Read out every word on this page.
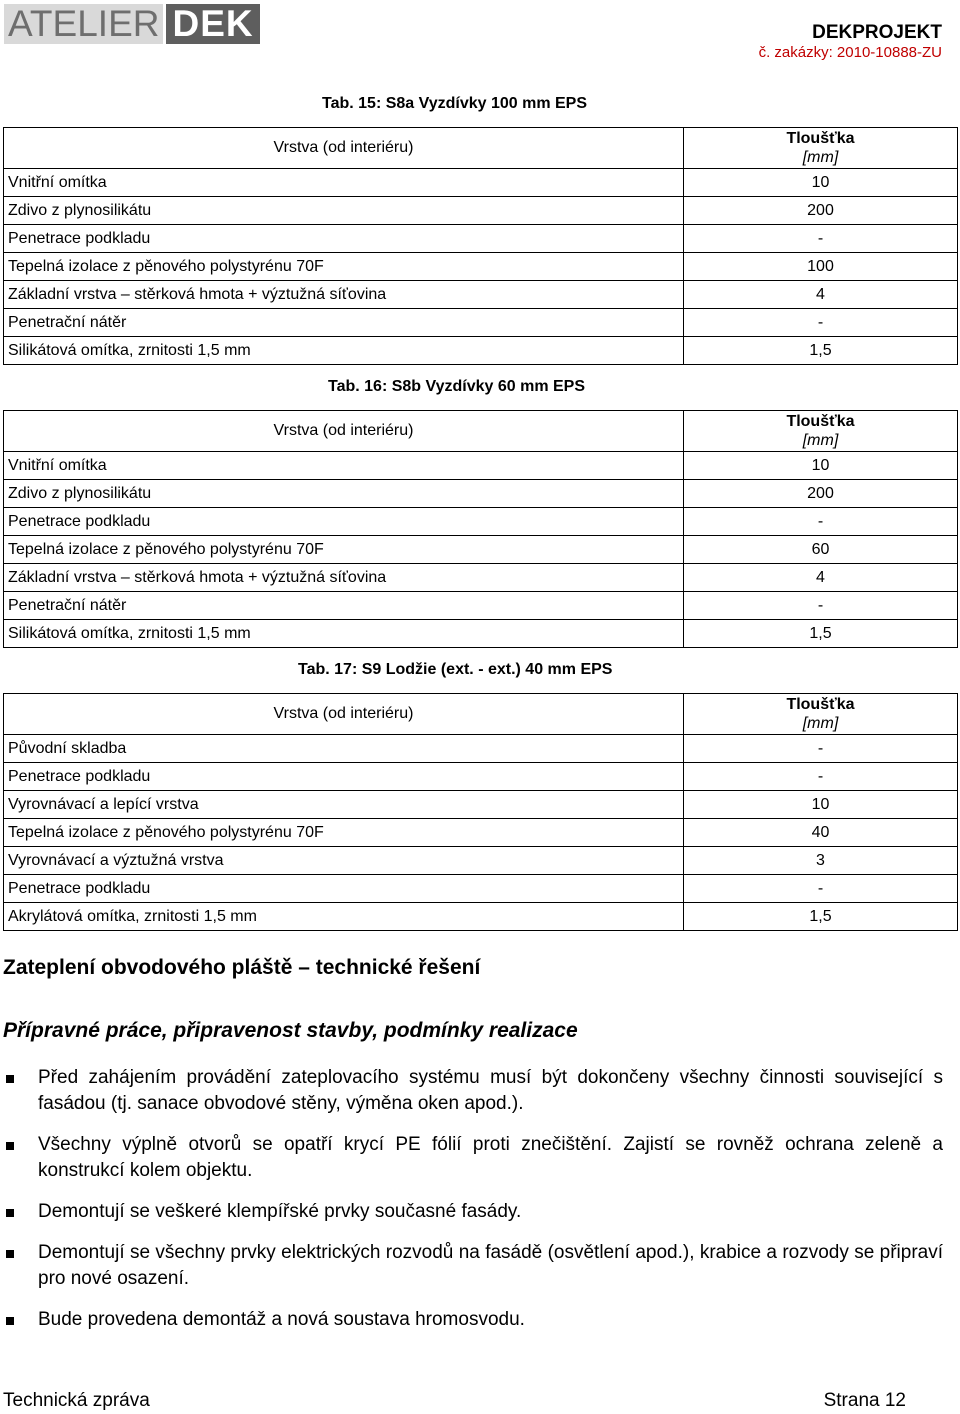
ATELIER DEK	DEKPROJEKT
č. zakázky: 2010-10888-ZU
Tab. 15: S8a Vyzdívky 100 mm EPS
Vrstva (od interiéru)	Tloušťka
[mm]

Vnitřní omítka	10
Zdivo z plynosilikátu	200
Penetrace podkladu	-
Tepelná izolace z pěnového polystyrénu 70F	100
Základní vrstva – stěrková hmota + výztužná síťovina	4
Penetrační nátěr	-
Silikátová omítka, zrnitosti 1,5 mm	1,5
Tab. 16: S8b Vyzdívky 60 mm EPS
Vrstva (od interiéru)	Tloušťka
[mm]

Vnitřní omítka	10
Zdivo z plynosilikátu	200
Penetrace podkladu	-
Tepelná izolace z pěnového polystyrénu 70F	60
Základní vrstva – stěrková hmota + výztužná síťovina	4
Penetrační nátěr	-
Silikátová omítka, zrnitosti 1,5 mm	1,5
Tab. 17: S9 Lodžie (ext. - ext.) 40 mm EPS
Vrstva (od interiéru)	Tloušťka
[mm]

Původní skladba	-
Penetrace podkladu	-
Vyrovnávací a lepící vrstva	10
Tepelná izolace z pěnového polystyrénu 70F	40
Vyrovnávací a výztužná vrstva	3
Penetrace podkladu	-
Akrylátová omítka, zrnitosti 1,5 mm	1,5
Zateplení obvodového pláště – technické řešení
Přípravné práce, připravenost stavby, podmínky realizace
Před zahájením provádění zateplovacího systému musí být dokončeny všechny činnosti související s fasádou (tj. sanace obvodové stěny, výměna oken apod.).
Všechny výplně otvorů se opatří krycí PE fólií proti znečištění. Zajistí se rovněž ochrana zeleně a konstrukcí kolem objektu.
Demontují se veškeré klempířské prvky současné fasády.
Demontují se všechny prvky elektrických rozvodů na fasádě (osvětlení apod.), krabice a rozvody se připraví pro nové osazení.
Bude provedena demontáž a nová soustava hromosvodu.
Technická zpráva	Strana 12
